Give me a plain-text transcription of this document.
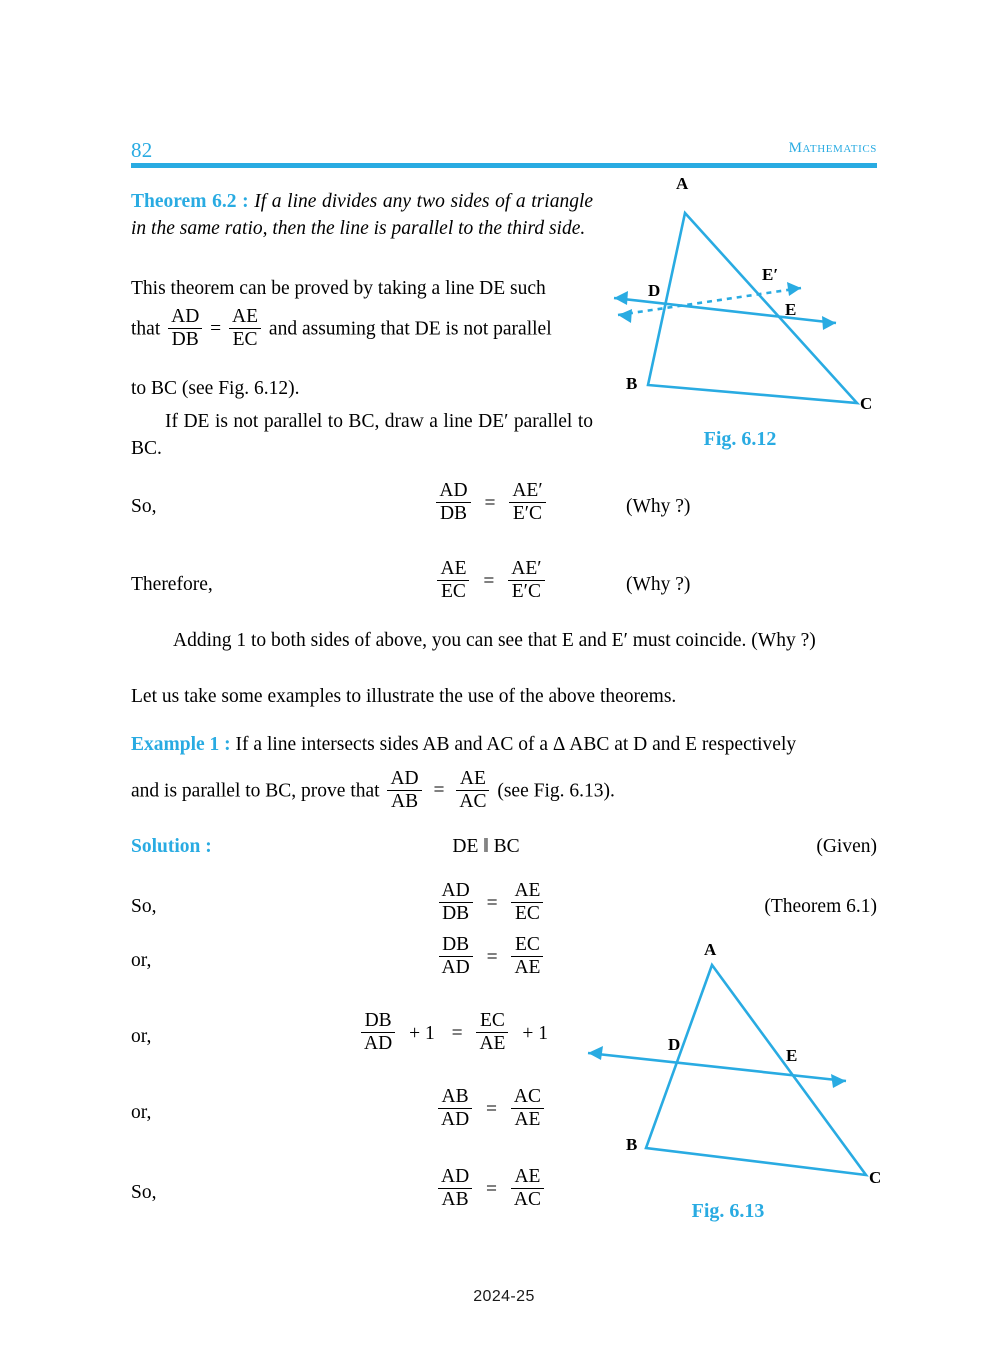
82	Mathematics
Theorem 6.2 : If a line divides any two sides of a triangle in the same ratio, then the line is parallel to the third side.
This theorem can be proved by taking a line DE such
that $\frac{AD}{DB} = \frac{AE}{EC}$ and assuming that DE is not parallel
to BC (see Fig. 6.12).
If DE is not parallel to BC, draw a line DE′ parallel to BC.
So,	$\frac{AD}{DB} = \frac{AE'}{E'C}$	(Why ?)
Therefore,	$\frac{AE}{EC} = \frac{AE'}{E'C}$	(Why ?)
Adding 1 to both sides of above, you can see that E and E′ must coincide. (Why ?)
Let us take some examples to illustrate the use of the above theorems.
Example 1 : If a line intersects sides AB and AC of a Δ ABC at D and E respectively
and is parallel to BC, prove that $\frac{AD}{AB} = \frac{AE}{AC} (see$ Fig. 6.13).
Solution :	DE ‖ BC	(Given)
So,	$\frac{AD}{DB} = \frac{AE}{EC}$	(Theorem 6.1)
or,	$\frac{DB}{AD} = \frac{EC}{AE}$
or,	$\frac{DB}{AD} + 1 = \frac{EC}{AE} + 1$
or,	$\frac{AB}{AD} = \frac{AC}{AE}$
So,	$\frac{AD}{AB} = \frac{AE}{AC}$
A
B
C
D
E
E′
Fig. 6.12
A
B
C
D
E
Fig. 6.13
2024-25
